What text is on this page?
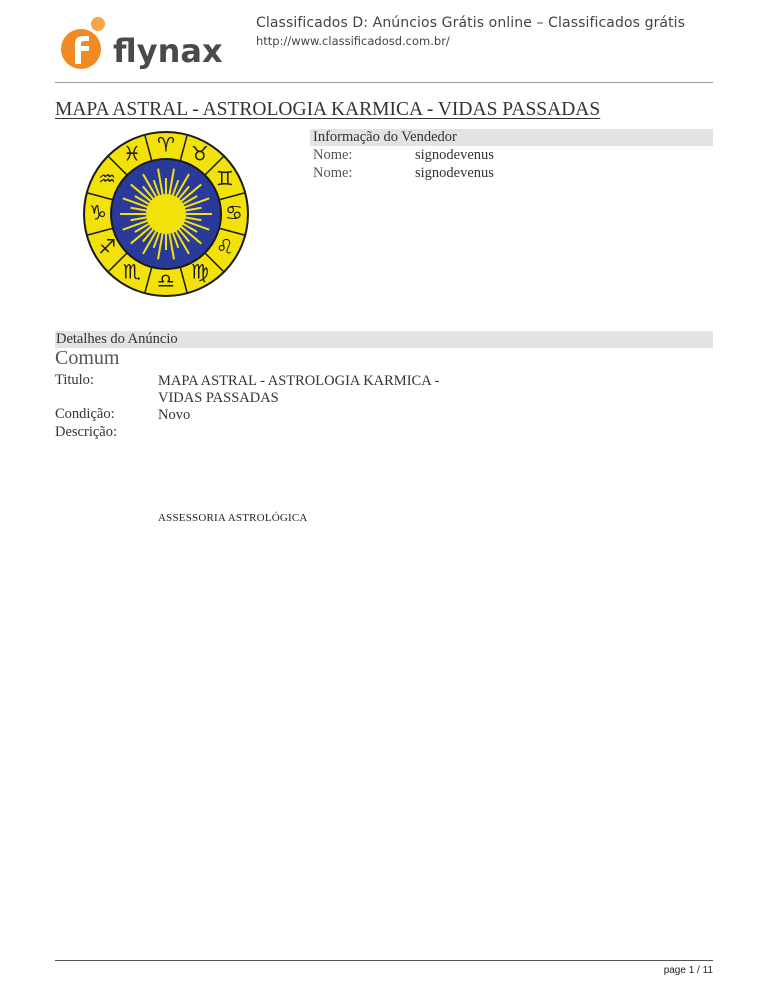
flynax
Classificados D: Anúncios Grátis online – Classificados grátis
http://www.classificadosd.com.br/
MAPA ASTRAL - ASTROLOGIA KARMICA - VIDAS PASSADAS
♉
♊
♋
♌
♍
♎
♏
♐
♑
♒
♓ ♈	Informação do Vendedor
Nome:	signodevenus
Nome:	signodevenus
Detalhes do Anúncio
Comum
Titulo:	MAPA ASTRAL - ASTROLOGIA KARMICA -
VIDAS PASSADAS
Condição:	Novo
Descrição:
ASSESSORIA ASTROLÓGICA
page 1 / 11
